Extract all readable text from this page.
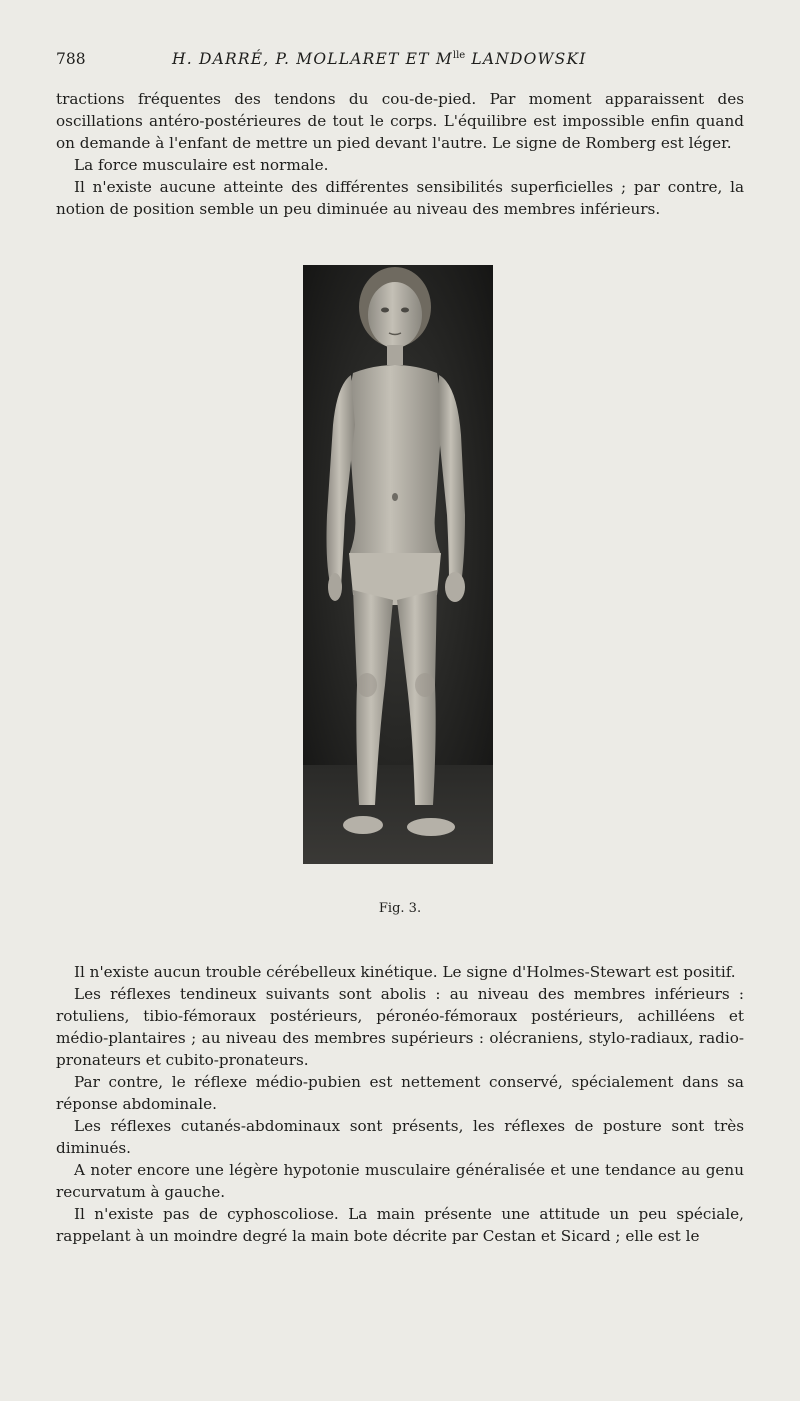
788	H. DARRÉ, P. MOLLARET ET $M^{lle}$ LANDOWSKI

tractions fréquentes des tendons du cou-de-pied. Par moment apparaissent des oscillations antéro-postérieures de tout le corps. L'équilibre est impossible enfin quand on demande à l'enfant de mettre un pied devant l'autre. Le signe de Romberg est léger.

La force musculaire est normale.

Il n'existe aucune atteinte des différentes sensibilités superficielles ; par contre, la notion de position semble un peu diminuée au niveau des membres inférieurs.

Fig. 3.

Il n'existe aucun trouble cérébelleux kinétique. Le signe d'Holmes-Stewart est positif.

Les réflexes tendineux suivants sont abolis : au niveau des membres inférieurs : rotuliens, tibio-fémoraux postérieurs, péronéo-fémoraux postérieurs, achilléens et médio-plantaires ; au niveau des membres supérieurs : olécraniens, stylo-radiaux, radio-pronateurs et cubito-pronateurs.

Par contre, le réflexe médio-pubien est nettement conservé, spécialement dans sa réponse abdominale.

Les réflexes cutanés-abdominaux sont présents, les réflexes de posture sont très diminués.

A noter encore une légère hypotonie musculaire généralisée et une tendance au genu recurvatum à gauche.

Il n'existe pas de cyphoscoliose. La main présente une attitude un peu spéciale, rappelant à un moindre degré la main bote décrite par Cestan et Sicard ; elle est le
